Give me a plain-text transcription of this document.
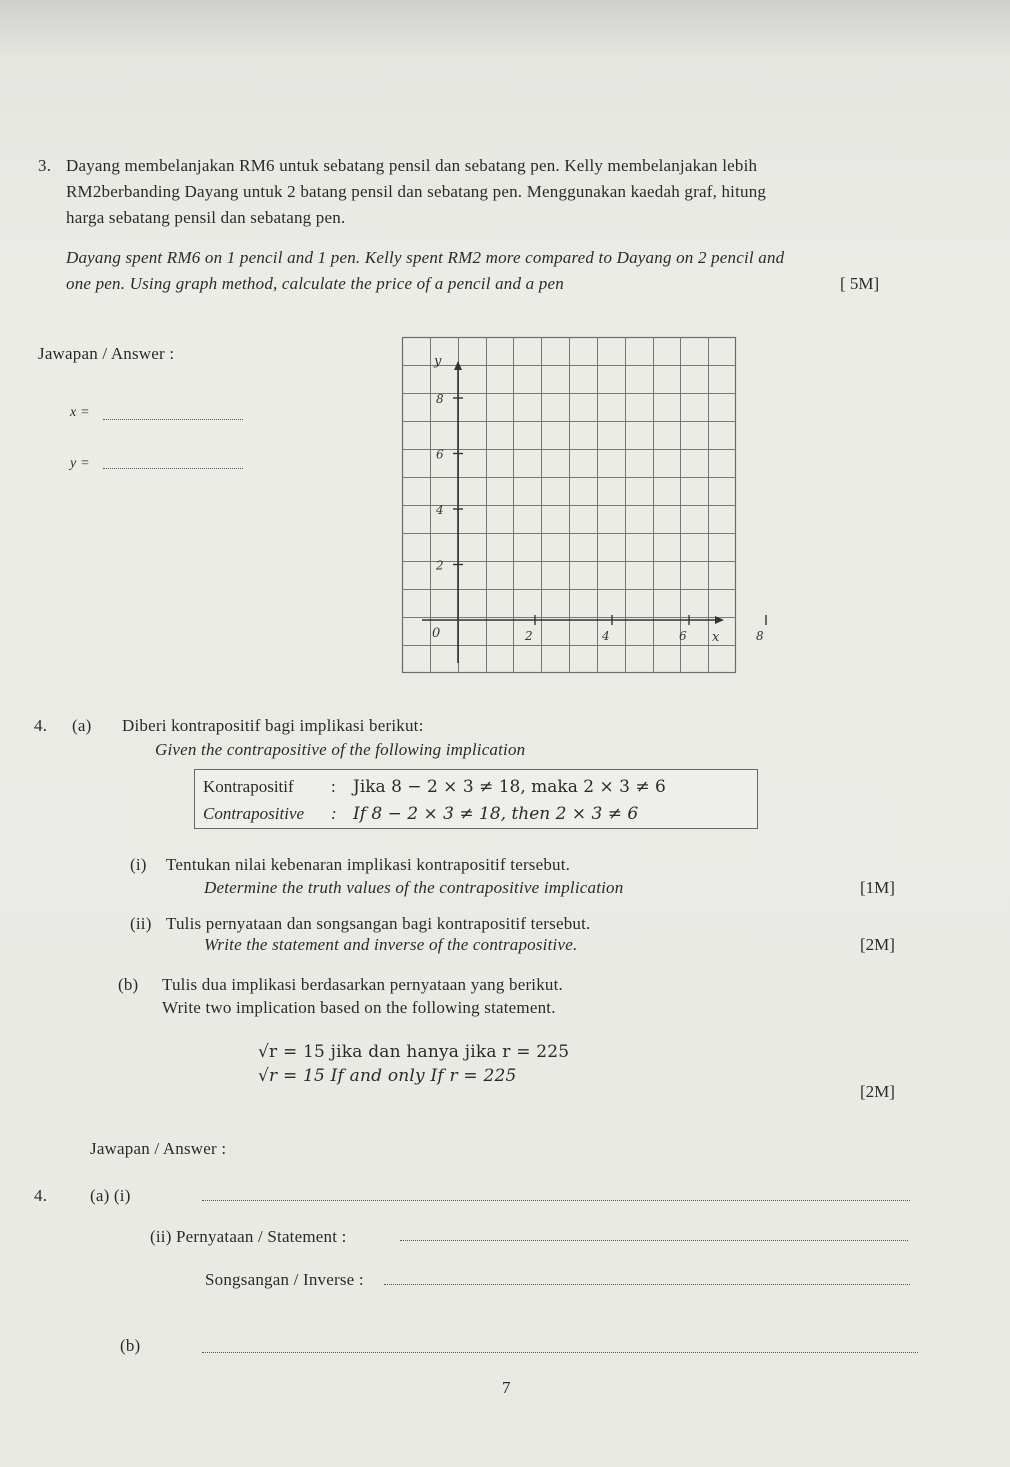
3. Dayang membelanjakan RM6 untuk sebatang pensil dan sebatang pen. Kelly membelanjakan lebih
RM2berbanding Dayang untuk 2 batang pensil dan sebatang pen. Menggunakan kaedah graf, hitung
harga sebatang pensil dan sebatang pen.
Dayang spent RM6 on 1 pencil and 1 pen. Kelly spent RM2 more compared to Dayang on 2 pencil and
one pen. Using graph method, calculate the price of a pencil and a pen	[ 5M]
Jawapan / Answer :
x =
y =
y
x
0
8
6
4
2
2	4	6	8
4. (a) Diberi kontrapositif bagi implikasi berikut:
Given the contrapositive of the following implication
Kontrapositif : Jika 8 − 2 × 3 ≠ 18, maka 2 × 3 ≠ 6
Contrapositive : If 8 − 2 × 3 ≠ 18, then 2 × 3 ≠ 6
(i) Tentukan nilai kebenaran implikasi kontrapositif tersebut.
Determine the truth values of the contrapositive implication	[1M]
(ii) Tulis pernyataan dan songsangan bagi kontrapositif tersebut.
Write the statement and inverse of the contrapositive.	[2M]
(b) Tulis dua implikasi berdasarkan pernyataan yang berikut.
Write two implication based on the following statement.
√r = 15 jika dan hanya jika r = 225
√r = 15 If and only If r = 225
[2M]
Jawapan / Answer :
4.	(a) (i)
(ii) Pernyataan / Statement :
Songsangan / Inverse :
(b)
7
